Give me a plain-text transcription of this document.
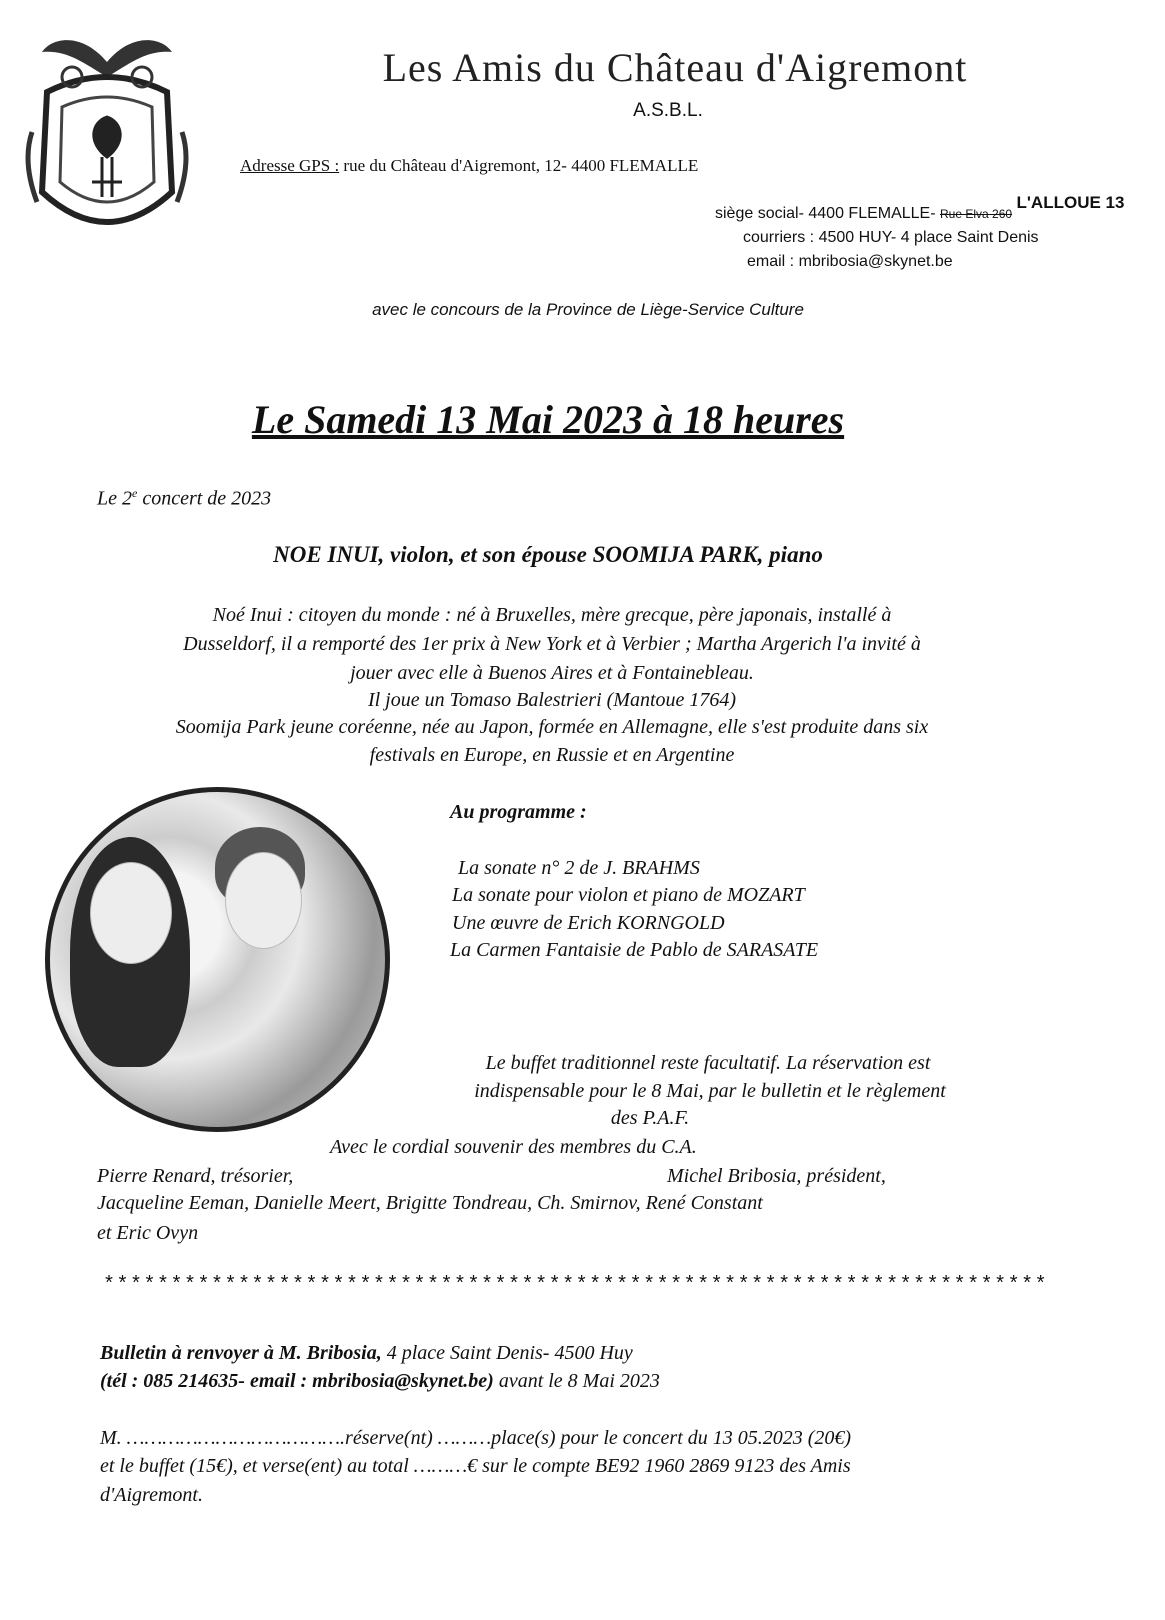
Les Amis du Château d'Aigremont
A.S.B.L.
Adresse GPS : rue du Château d'Aigremont, 12- 4400 FLEMALLE
siège social- 4400 FLEMALLE- Rue Elva 260 L'ALLOUE 13
courriers : 4500 HUY- 4 place Saint Denis
email : mbribosia@skynet.be
avec le concours de la Province de Liège-Service Culture
Le Samedi 13 Mai 2023 à 18 heures
Le 2e concert de 2023
NOE INUI, violon, et son épouse SOOMIJA PARK, piano
Noé Inui : citoyen du monde : né à Bruxelles, mère grecque, père japonais, installé à
Dusseldorf, il a remporté des 1er prix à New York et à Verbier ; Martha Argerich l'a invité à
jouer avec elle à Buenos Aires et à Fontainebleau.
Il joue un Tomaso Balestrieri (Mantoue 1764)
Soomija Park jeune coréenne, née au Japon, formée en Allemagne, elle s'est produite dans six
festivals en Europe, en Russie et en Argentine
Au programme :
La sonate n° 2 de J. BRAHMS
La sonate pour violon et piano de MOZART
Une œuvre de Erich KORNGOLD
La Carmen Fantaisie de Pablo de SARASATE
Le buffet traditionnel reste facultatif. La réservation est
indispensable pour le 8 Mai, par le bulletin et le règlement
des P.A.F.
Avec le cordial souvenir des membres du C.A.
Pierre Renard, trésorier,	Michel Bribosia, président,
Jacqueline Eeman, Danielle Meert, Brigitte Tondreau, Ch. Smirnov, René Constant
et Eric Ovyn
**********************************************************************
Bulletin à renvoyer à M. Bribosia, 4 place Saint Denis- 4500 Huy
(tél : 085 214635- email : mbribosia@skynet.be) avant le 8 Mai 2023
M. ……………………………….réserve(nt) ………place(s) pour le concert du 13 05.2023 (20€)
et le buffet (15€), et verse(ent) au total ………€ sur le compte BE92 1960 2869 9123 des Amis
d'Aigremont.
